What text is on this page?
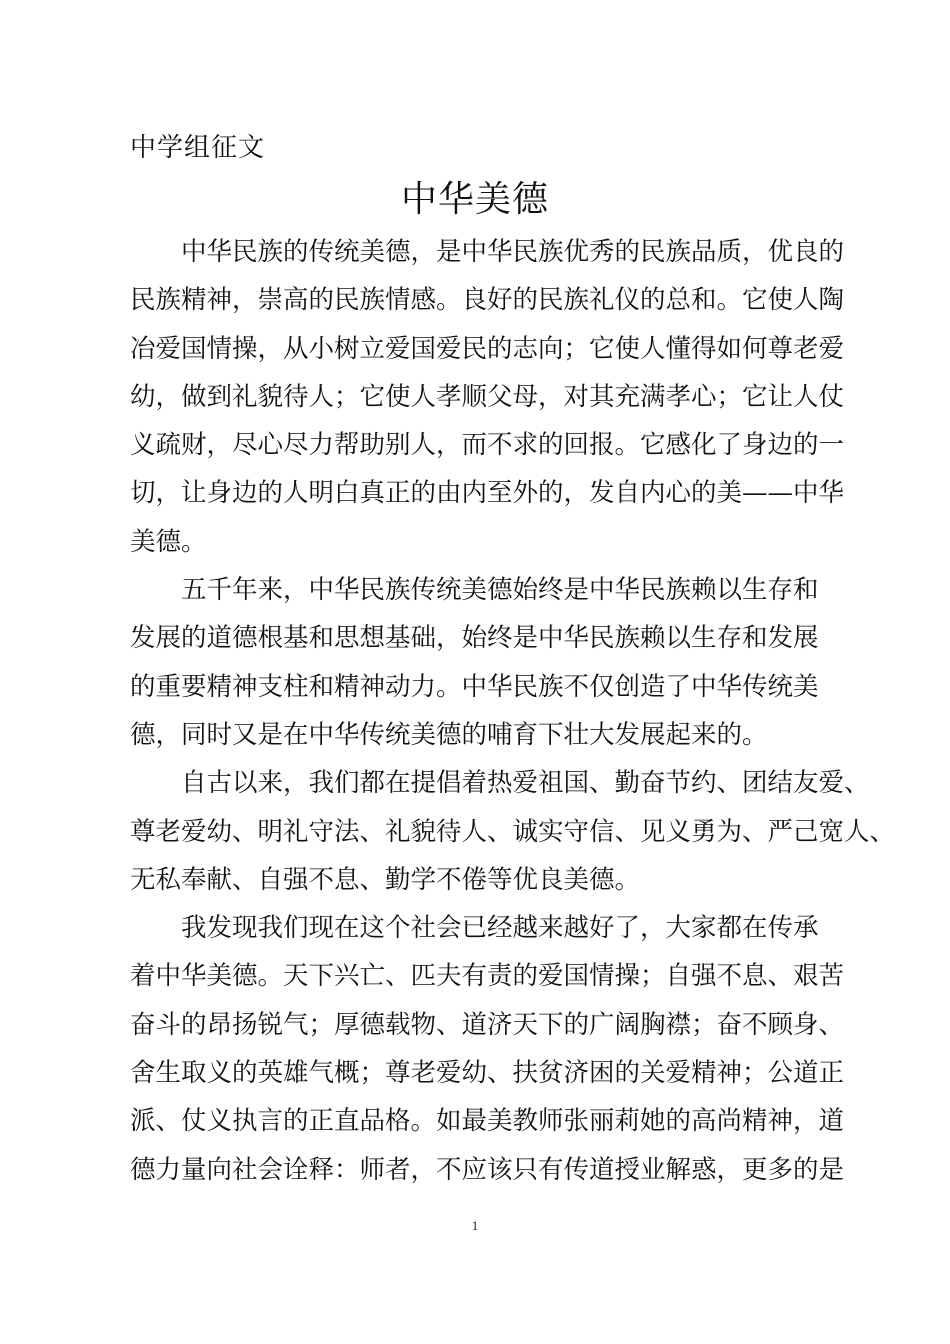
中学组征文
中华美德
中华民族的传统美德，是中华民族优秀的民族品质，优良的
民族精神，崇高的民族情感。良好的民族礼仪的总和。它使人陶
冶爱国情操，从小树立爱国爱民的志向；它使人懂得如何尊老爱
幼，做到礼貌待人；它使人孝顺父母，对其充满孝心；它让人仗
义疏财，尽心尽力帮助别人，而不求的回报。它感化了身边的一
切，让身边的人明白真正的由内至外的，发自内心的美——中华
美德。
五千年来，中华民族传统美德始终是中华民族赖以生存和
发展的道德根基和思想基础，始终是中华民族赖以生存和发展
的重要精神支柱和精神动力。中华民族不仅创造了中华传统美
德，同时又是在中华传统美德的哺育下壮大发展起来的。
自古以来，我们都在提倡着热爱祖国、勤奋节约、团结友爱、
尊老爱幼、明礼守法、礼貌待人、诚实守信、见义勇为、严己宽人、
无私奉献、自强不息、勤学不倦等优良美德。
我发现我们现在这个社会已经越来越好了，大家都在传承
着中华美德。天下兴亡、匹夫有责的爱国情操；自强不息、艰苦
奋斗的昂扬锐气；厚德载物、道济天下的广阔胸襟；奋不顾身、
舍生取义的英雄气概；尊老爱幼、扶贫济困的关爱精神；公道正
派、仗义执言的正直品格。如最美教师张丽莉她的高尚精神，道
德力量向社会诠释：师者，不应该只有传道授业解惑，更多的是
1
